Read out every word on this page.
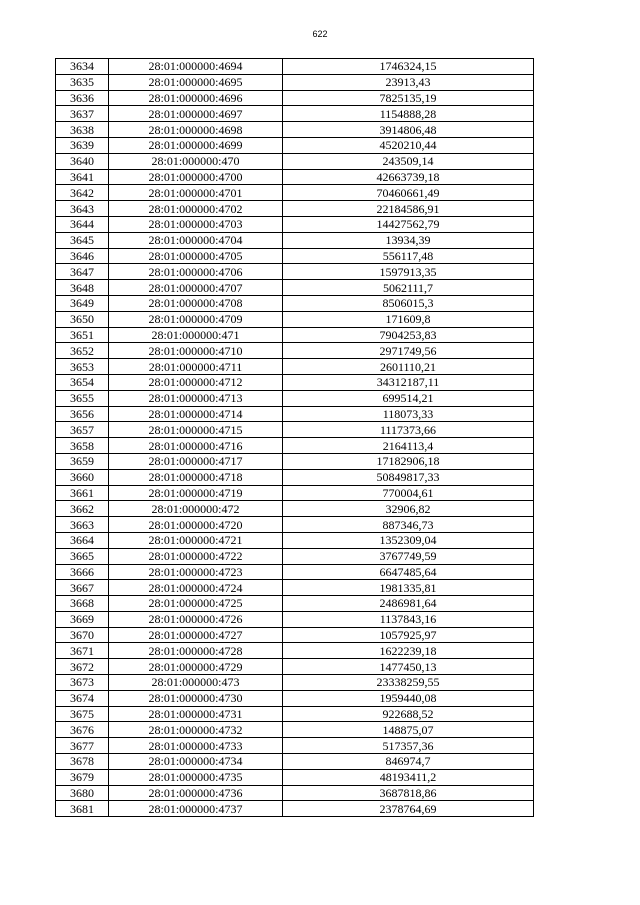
622
3634	28:01:000000:4694	1746324,15
3635	28:01:000000:4695	23913,43
3636	28:01:000000:4696	7825135,19
3637	28:01:000000:4697	1154888,28
3638	28:01:000000:4698	3914806,48
3639	28:01:000000:4699	4520210,44
3640	28:01:000000:470	243509,14
3641	28:01:000000:4700	42663739,18
3642	28:01:000000:4701	70460661,49
3643	28:01:000000:4702	22184586,91
3644	28:01:000000:4703	14427562,79
3645	28:01:000000:4704	13934,39
3646	28:01:000000:4705	556117,48
3647	28:01:000000:4706	1597913,35
3648	28:01:000000:4707	5062111,7
3649	28:01:000000:4708	8506015,3
3650	28:01:000000:4709	171609,8
3651	28:01:000000:471	7904253,83
3652	28:01:000000:4710	2971749,56
3653	28:01:000000:4711	2601110,21
3654	28:01:000000:4712	34312187,11
3655	28:01:000000:4713	699514,21
3656	28:01:000000:4714	118073,33
3657	28:01:000000:4715	1117373,66
3658	28:01:000000:4716	2164113,4
3659	28:01:000000:4717	17182906,18
3660	28:01:000000:4718	50849817,33
3661	28:01:000000:4719	770004,61
3662	28:01:000000:472	32906,82
3663	28:01:000000:4720	887346,73
3664	28:01:000000:4721	1352309,04
3665	28:01:000000:4722	3767749,59
3666	28:01:000000:4723	6647485,64
3667	28:01:000000:4724	1981335,81
3668	28:01:000000:4725	2486981,64
3669	28:01:000000:4726	1137843,16
3670	28:01:000000:4727	1057925,97
3671	28:01:000000:4728	1622239,18
3672	28:01:000000:4729	1477450,13
3673	28:01:000000:473	23338259,55
3674	28:01:000000:4730	1959440,08
3675	28:01:000000:4731	922688,52
3676	28:01:000000:4732	148875,07
3677	28:01:000000:4733	517357,36
3678	28:01:000000:4734	846974,7
3679	28:01:000000:4735	48193411,2
3680	28:01:000000:4736	3687818,86
3681	28:01:000000:4737	2378764,69
